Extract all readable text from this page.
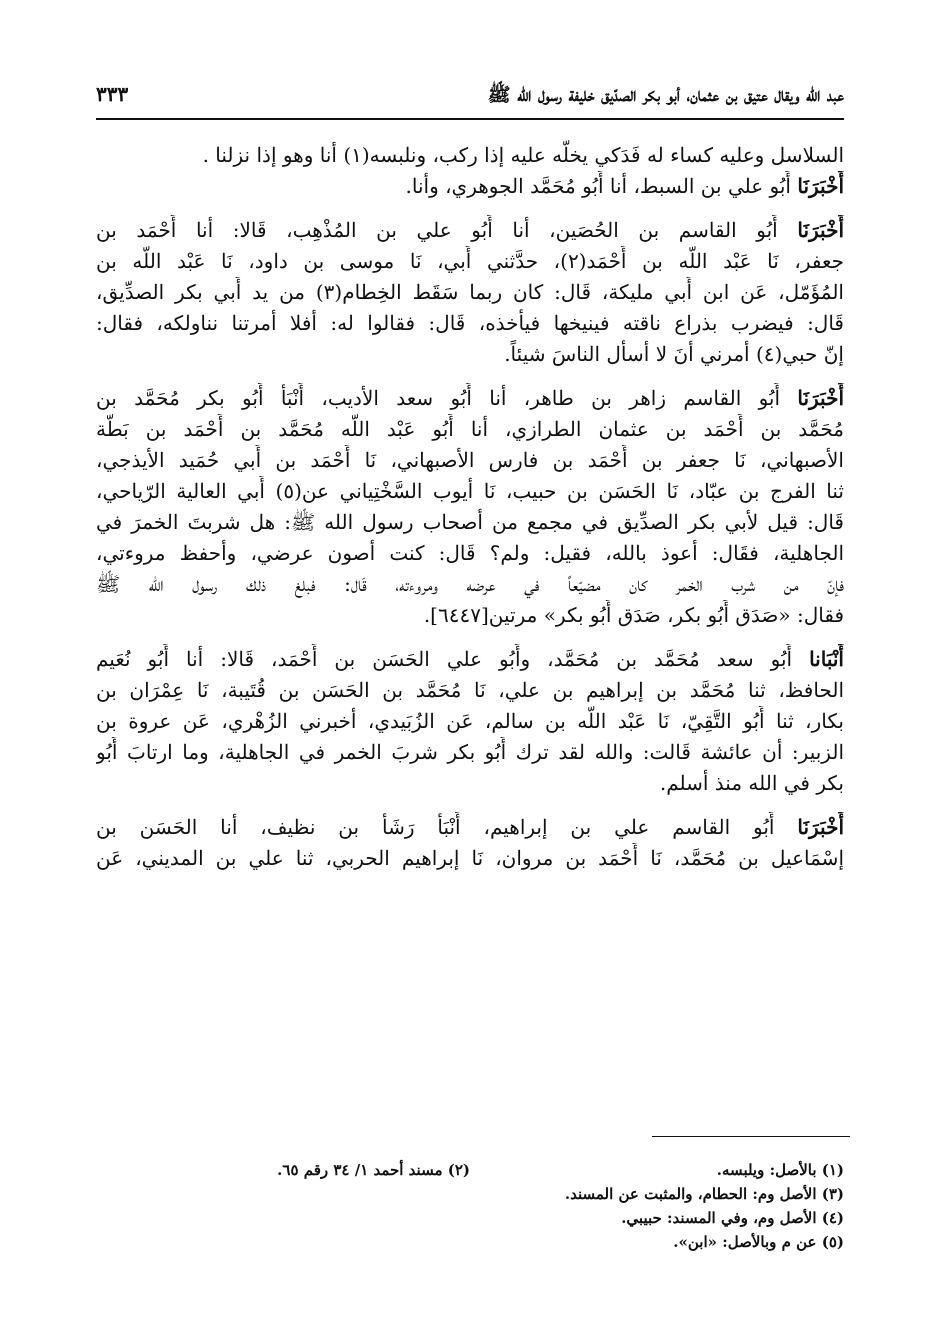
عبد اللّه ويقال عتيق بن عثمان، أبو بكر الصدّيق خليفة رسول الله ﷺ
٣٣٣
السلاسل وعليه كساء له فَدَكي يخلّه عليه إذا ركب، ونلبسه(١) أنا وهو إذا نزلنا .
أَخْبَرَنَا أَبُو علي بن السبط، أنا أَبُو مُحَمَّد الجوهري، وأنا.
أَخْبَرَنَا أَبُو القاسم بن الحُصَين، أنا أَبُو علي بن المُذْهِب، قَالا: أنا أَحْمَد بن
جعفر، نَا عَبْد اللّه بن أَحْمَد(٢)، حدَّثني أَبي، نَا موسى بن داود، نَا عَبْد اللّه بن
المُؤَمّل، عَن ابن أَبي مليكة، قَال: كان ربما سَقَط الخِطام(٣) من يد أَبي بكر الصدِّيق،
قَال: فيضرب بذراع ناقته فينيخها فيأخذه، قَال: فقالوا له: أفلا أمرتنا نناولكه، فقال:
إنّ حبي(٤) أمرني أنَ لا أسأل الناسَ شيئاً.
أَخْبَرَنَا أَبُو القاسم زاهر بن طاهر، أنا أَبُو سعد الأديب، أَنْبَأ أَبُو بكر مُحَمَّد بن
مُحَمَّد بن أَحْمَد بن عثمان الطرازي، أنا أَبُو عَبْد اللّه مُحَمَّد بن أَحْمَد بن بَطَّة
الأصبهاني، نَا جعفر بن أَحْمَد بن فارس الأصبهاني، نَا أَحْمَد بن أَبي حُمَيد الأيذجي،
ثنا الفرج بن عبّاد، نَا الحَسَن بن حبيب، نَا أيوب السَّخْتِياني عن(٥) أَبي العالية الرّياحي،
قَال: قيل لأبي بكر الصدِّيق في مجمع من أصحاب رسول الله ﷺ: هل شربتَ الخمرَ في
الجاهلية، فقَال: أعوذ بالله، فقيل: ولم؟ قَال: كنت أصون عرضي، وأحفظ مروءتي،
فإنّ من شرب الخمر كان مضيّعاً في عرضه ومروءته، قَال: فبلغ ذلك رسول الله ﷺ
فقال: «صَدَق أَبُو بكر، صَدَق أَبُو بكر» مرتين[٦٤٤٧].
أَنْبَانا أَبُو سعد مُحَمَّد بن مُحَمَّد، وأَبُو علي الحَسَن بن أَحْمَد، قَالا: أنا أَبُو نُعَيم
الحافظ، ثنا مُحَمَّد بن إبراهيم بن علي، نَا مُحَمَّد بن الحَسَن بن قُتَيبة، نَا عِمْرَان بن
بكار، ثنا أَبُو التَّقِيّ، نَا عَبْد اللّه بن سالم، عَن الزُبَيدي، أخبرني الزُهْري، عَن عروة بن
الزبير: أن عائشة قَالت: والله لقد ترك أَبُو بكر شربَ الخمر في الجاهلية، وما ارتابَ أَبُو
بكر في الله منذ أسلم.
أَخْبَرَنَا أَبُو القاسم علي بن إبراهيم، أَنْبَأ رَشَأ بن نظيف، أنا الحَسَن بن
إسْمَاعيل بن مُحَمَّد، نَا أَحْمَد بن مروان، نَا إبراهيم الحربي، ثنا علي بن المديني، عَن
(١) بالأصل: ويلبسه.
(٢) مسند أحمد ١/ ٣٤ رقم ٦٥.
(٣) الأصل وم: الحطام، والمثبت عن المسند.
(٤) الأصل وم، وفي المسند: حبيبي.
(٥) عن م وبالأصل: «ابن».
